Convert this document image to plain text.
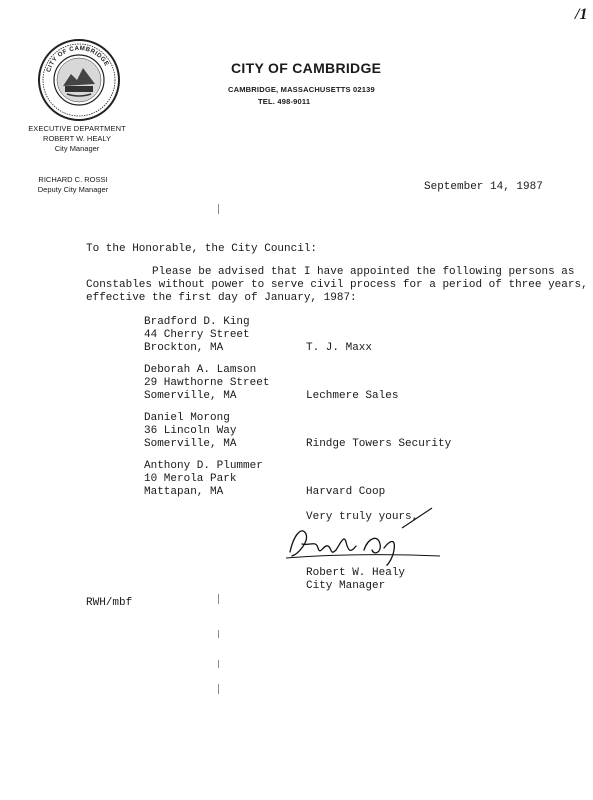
/1
CITY OF CAMBRIDGE	CITY OF CAMBRIDGE
CAMBRIDGE, MASSACHUSETTS 02139
TEL. 498-9011
EXECUTIVE DEPARTMENT
ROBERT W. HEALY
City Manager
RICHARD C. ROSSI
Deputy City Manager	September 14, 1987
To the Honorable, the City Council:
Please be advised that I have appointed the following persons as
Constables without power to serve civil process for a period of three years,
effective the first day of January, 1987:
Bradford D. King
44 Cherry Street
Brockton, MA	T. J. Maxx
Deborah A. Lamson
29 Hawthorne Street
Somerville, MA	Lechmere Sales
Daniel Morong
36 Lincoln Way
Somerville, MA	Rindge Towers Security
Anthony D. Plummer
10 Merola Park
Mattapan, MA	Harvard Coop
Very truly yours,
Robert W. Healy
City Manager
RWH/mbf
